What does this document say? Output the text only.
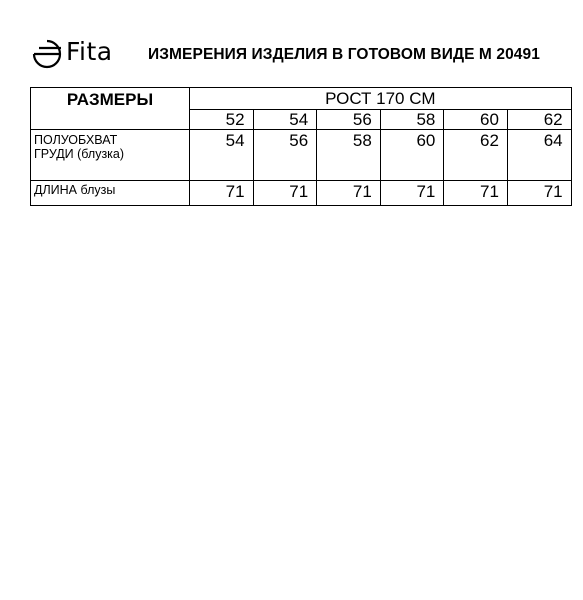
Fita ИЗМЕРЕНИЯ ИЗДЕЛИЯ В ГОТОВОМ ВИДЕ М 20491
РАЗМЕРЫ	РОСТ 170 СМ					
	52	54	56	58	60	62

ПОЛУОБХВАТ
ГРУДИ (блузка)	54	56	58	60	62	64

ДЛИНА блузы	71	71	71	71	71	71
